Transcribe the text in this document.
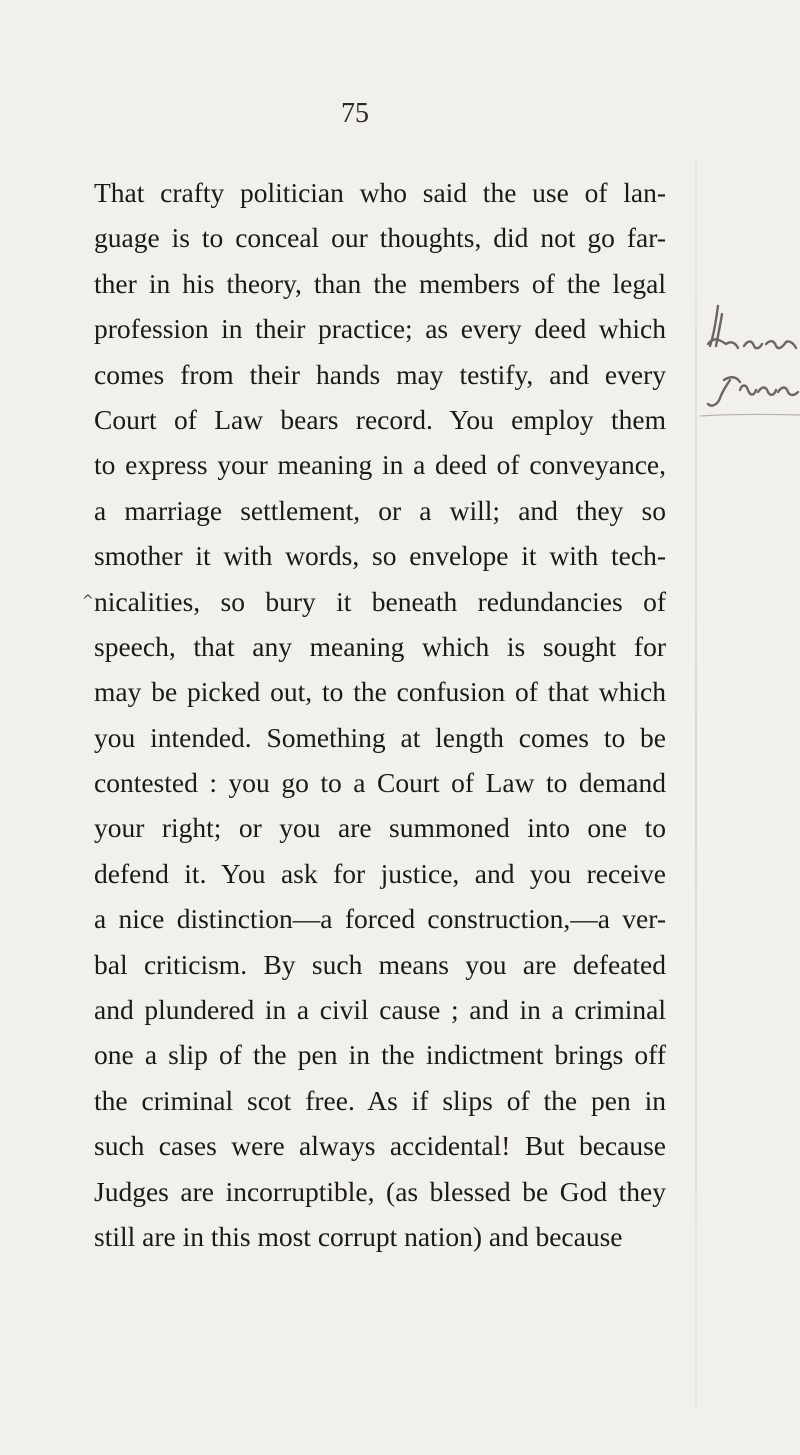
75
^
That crafty politician who said the use of lan-
guage is to conceal our thoughts, did not go far-
ther in his theory, than the members of the legal
profession in their practice; as every deed which
comes from their hands may testify, and every
Court of Law bears record. You employ them
to express your meaning in a deed of conveyance,
a marriage settlement, or a will; and they so
smother it with words, so envelope it with tech-
nicalities, so bury it beneath redundancies of
speech, that any meaning which is sought for
may be picked out, to the confusion of that which
you intended. Something at length comes to be
contested : you go to a Court of Law to demand
your right; or you are summoned into one to
defend it. You ask for justice, and you receive
a nice distinction—a forced construction,—a ver-
bal criticism. By such means you are defeated
and plundered in a civil cause ; and in a criminal
one a slip of the pen in the indictment brings off
the criminal scot free. As if slips of the pen in
such cases were always accidental! But because
Judges are incorruptible, (as blessed be God they
still are in this most corrupt nation) and because
